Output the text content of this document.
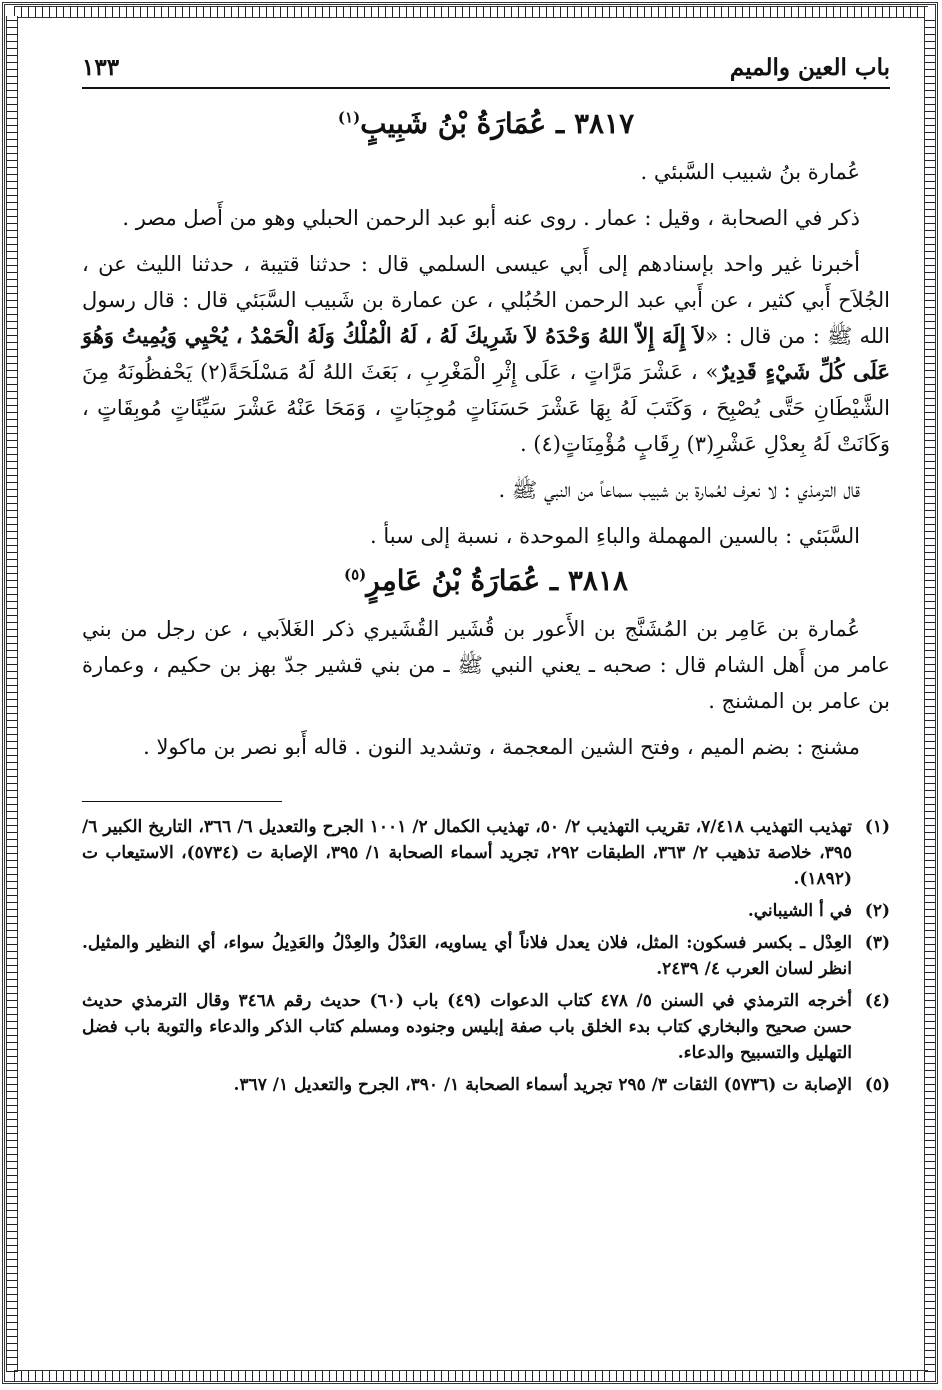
باب العين والميم
١٣٣
٣٨١٧ ـ عُمَارَةُ بْنُ شَبِيبٍ$^{(١)}$

عُمارة بنُ شبيب السَّبئي .

ذكر في الصحابة ، وقيل : عمار . روى عنه أبو عبد الرحمن الحبلي وهو من أَصل مصر .

أخبرنا غير واحد بإسنادهم إلى أَبي عيسى السلمي قال : حدثنا قتيبة ، حدثنا الليث عن ، الجُلاَح أَبي كثير ، عن أَبي عبد الرحمن الحُبُلي ، عن عمارة بن شَبيب السَّبَئي قال : قال رسول الله ﷺ : من قال : «لاَ إِلَهَ إِلاّ اللهُ وَحْدَهُ لاَ شَرِيكَ لَهُ ، لَهُ الْمُلْكُ وَلَهُ الْحَمْدُ ، يُحْيِي وَيُمِيتُ وَهُوَ عَلَى كُلِّ شَيْءٍ قَدِيرٌ» ، عَشْرَ مَرَّاتٍ ، عَلَى إِثْرِ الْمَغْرِبِ ، بَعَثَ اللهُ لَهُ مَسْلَحَةً(٢) يَحْفظُونَهُ مِنَ الشَّيْطَانِ حَتَّى يُصْبِحَ ، وَكَتَبَ لَهُ بِهَا عَشْرَ حَسَنَاتٍ مُوجِبَاتٍ ، وَمَحَا عَنْهُ عَشْرَ سَيِّئَاتٍ مُوبِقَاتٍ ، وَكَانَتْ لَهُ بِعدْلِ عَشْرِ(٣) رِقَابٍ مُؤْمِنَاتٍ(٤) .

قال الترمذي : لا نعرف لعُمارة بن شبيب سماعاً من النبي ﷺ .

السَّبَئي : بالسين المهملة والباءِ الموحدة ، نسبة إلى سبأ .

٣٨١٨ ـ عُمَارَةُ بْنُ عَامِرٍ$^{(٥)}$

عُمارة بن عَامِر بن المُشَنَّج بن الأَعور بن قُشَير القُشَيري ذكر الغَلاَبي ، عن رجل من بني عامر من أَهل الشام قال : صحبه ـ يعني النبي ﷺ ـ من بني قشير جدّ بهز بن حكيم ، وعمارة بن عامر بن المشنج .

مشنج : بضم الميم ، وفتح الشين المعجمة ، وتشديد النون . قاله أَبو نصر بن ماكولا .

(١)
تهذيب التهذيب ٧/٤١٨، تقريب التهذيب ٢/ ٥٠، تهذيب الكمال ٢/ ١٠٠١ الجرح والتعديل ٦/ ٣٦٦، التاريخ الكبير ٦/ ٣٩٥، خلاصة تذهيب ٢/ ٣٦٣، الطبقات ٢٩٢، تجريد أسماء الصحابة ١/ ٣٩٥، الإصابة ت (٥٧٣٤)، الاستيعاب ت (١٨٩٢).
(٢)
في أ الشيباني.
(٣)
العِدْل ـ بكسر فسكون: المثل، فلان يعدل فلاناً أي يساويه، العَدْلُ والعِدْلُ والعَدِيلُ سواء، أي النظير والمثيل. انظر لسان العرب ٤/ ٢٤٣٩.
(٤)
أخرجه الترمذي في السنن ٥/ ٤٧٨ كتاب الدعوات (٤٩) باب (٦٠) حديث رقم ٣٤٦٨ وقال الترمذي حديث حسن صحيح والبخاري كتاب بدء الخلق باب صفة إبليس وجنوده ومسلم كتاب الذكر والدعاء والتوبة باب فضل التهليل والتسبيح والدعاء.
(٥)
الإصابة ت (٥٧٣٦) الثقات ٣/ ٢٩٥ تجريد أسماء الصحابة ١/ ٣٩٠، الجرح والتعديل ١/ ٣٦٧.
